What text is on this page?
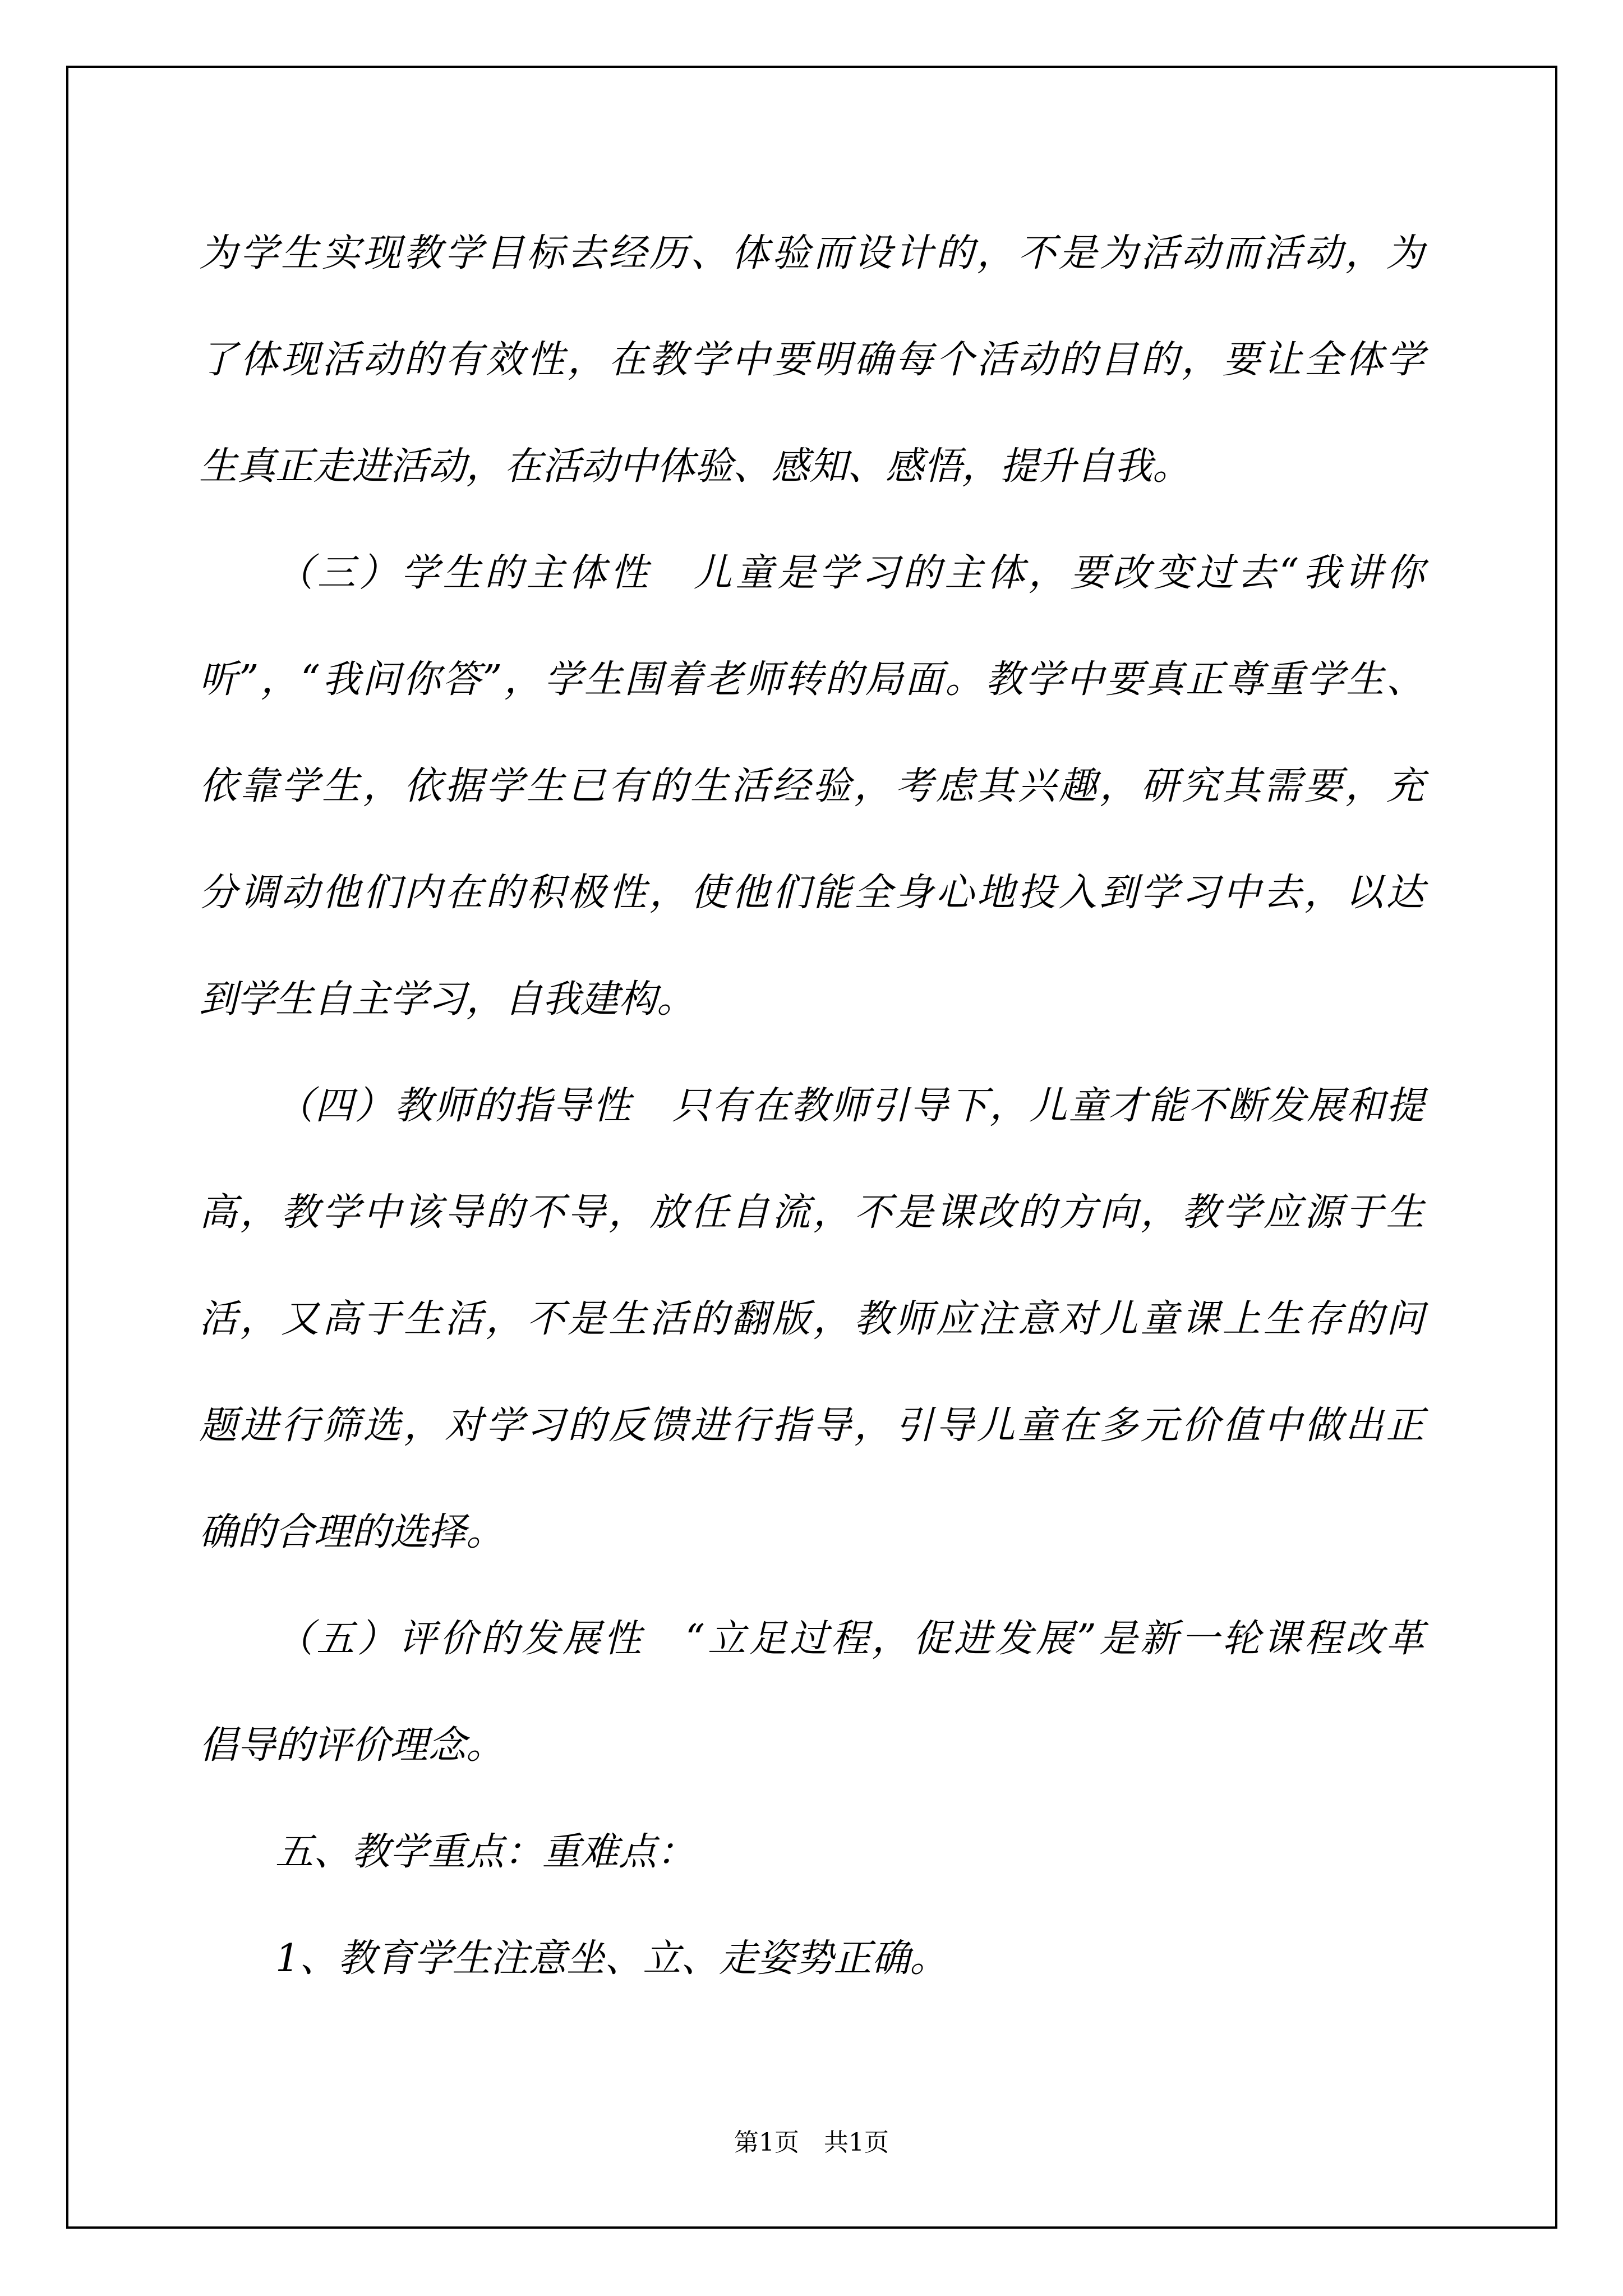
为 学 生 实 现 教 学 目 标 去 经 历 、 体 验 而 设 计 的 ， 不 是 为 活 动 而 活 动 ， 为
了 体 现 活 动 的 有 效 性 ， 在 教 学 中 要 明 确 每 个 活 动 的 目 的 ， 要 让 全 体 学
生真正走进活动，在活动中体验、感知、感悟，提升自我。
（ 三 ） 学 生 的 主 体 性
　 儿 童 是 学 习 的 主 体 ， 要 改 变 过 去 “ 我 讲 你
听 ” ， “ 我 问 你 答 ” ， 学 生 围 着 老 师 转 的 局 面 。 教 学 中 要 真 正 尊 重 学 生 、
依 靠 学 生 ， 依 据 学 生 已 有 的 生 活 经 验 ， 考 虑 其 兴 趣 ， 研 究 其 需 要 ， 充
分 调 动 他 们 内 在 的 积 极 性 ， 使 他 们 能 全 身 心 地 投 入 到 学 习 中 去 ， 以 达
到学生自主学习，自我建构。
（ 四 ） 教 师 的 指 导 性
　 只 有 在 教 师 引 导 下 ， 儿 童 才 能 不 断 发 展 和 提
高 ， 教 学 中 该 导 的 不 导 ， 放 任 自 流 ， 不 是 课 改 的 方 向 ， 教 学 应 源 于 生
活 ， 又 高 于 生 活 ， 不 是 生 活 的 翻 版 ， 教 师 应 注 意 对 儿 童 课 上 生 存 的 问
题 进 行 筛 选 ， 对 学 习 的 反 馈 进 行 指 导 ， 引 导 儿 童 在 多 元 价 值 中 做 出 正
确的合理的选择。
（ 五 ） 评 价 的 发 展 性
　 “ 立 足 过 程 ， 促 进 发 展 ” 是 新 一 轮 课 程 改 革
倡导的评价理念。
五、教学重点：重难点：
1、教育学生注意坐、立、走姿势正确。
第1页　共1页
